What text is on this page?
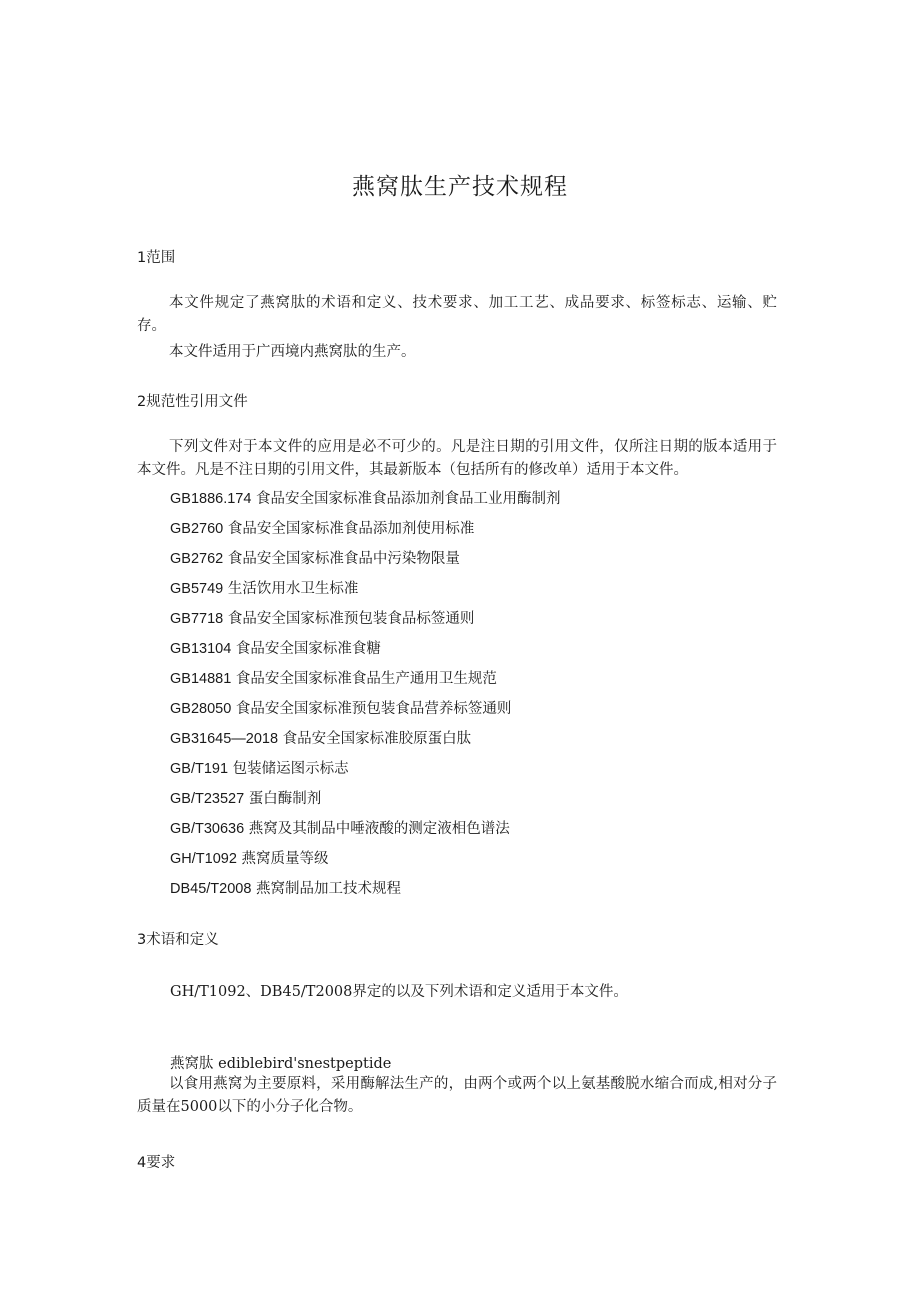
燕窝肽生产技术规程
1范围

本文件规定了燕窝肽的术语和定义、技术要求、加工工艺、成品要求、标签标志、运输、贮存。

本文件适用于广西境内燕窝肽的生产。

2规范性引用文件

下列文件对于本文件的应用是必不可少的。凡是注日期的引用文件，仅所注日期的版本适用于本文件。凡是不注日期的引用文件，其最新版本（包括所有的修改单）适用于本文件。

GB1886.174 食品安全国家标准食品添加剂食品工业用酶制剂

GB2760 食品安全国家标准食品添加剂使用标准

GB2762 食品安全国家标准食品中污染物限量

GB5749 生活饮用水卫生标准

GB7718 食品安全国家标准预包装食品标签通则

GB13104 食品安全国家标准食糖

GB14881 食品安全国家标准食品生产通用卫生规范

GB28050 食品安全国家标准预包装食品营养标签通则

GB31645—2018 食品安全国家标准胶原蛋白肽

GB/T191 包装储运图示标志

GB/T23527 蛋白酶制剂

GB/T30636 燕窝及其制品中唾液酸的测定液相色谱法

GH/T1092 燕窝质量等级

DB45/T2008 燕窝制品加工技术规程

3术语和定义

GH/T1092、DB45/T2008界定的以及下列术语和定义适用于本文件。

燕窝肽 ediblebird'snestpeptide

以食用燕窝为主要原料，采用酶解法生产的，由两个或两个以上氨基酸脱水缩合而成,相对分子质量在5000以下的小分子化合物。

4要求
